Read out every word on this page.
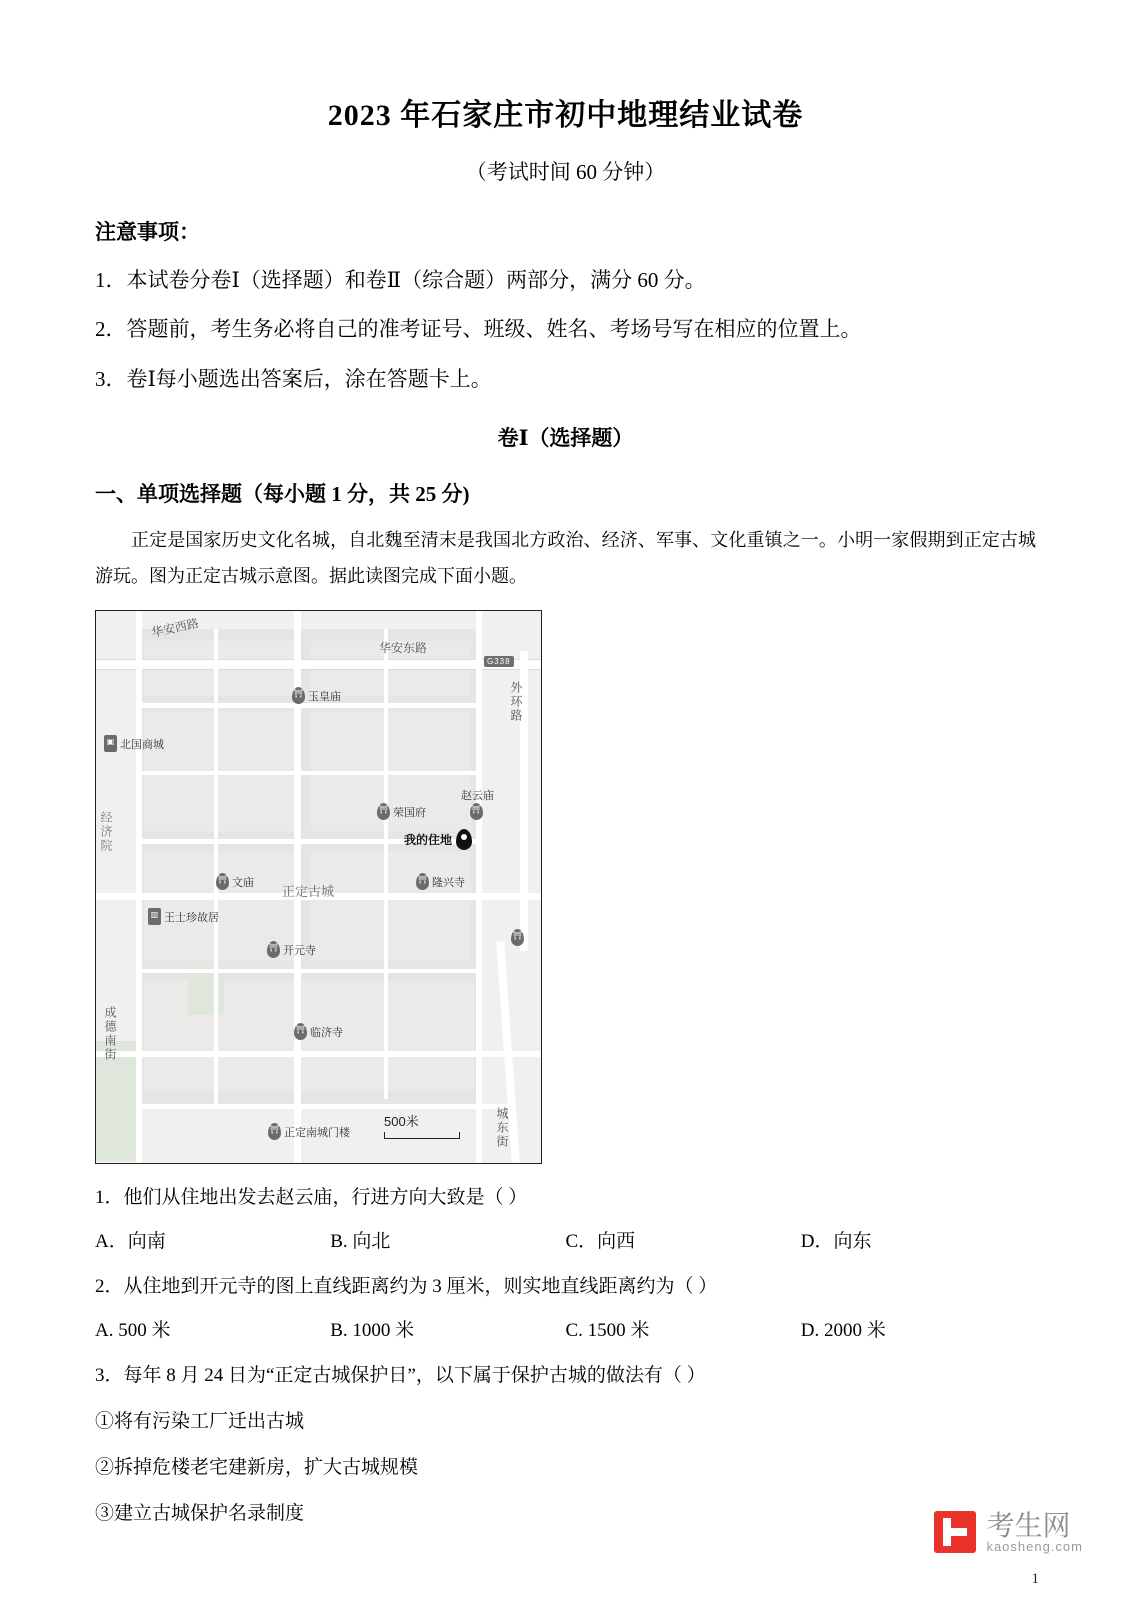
2023 年石家庄市初中地理结业试卷
（考试时间 60 分钟）
注意事项：
1．本试卷分卷Ⅰ（选择题）和卷Ⅱ（综合题）两部分，满分 60 分。
2．答题前，考生务必将自己的准考证号、班级、姓名、考场号写在相应的位置上。
3．卷Ⅰ每小题选出答案后，涂在答题卡上。
卷Ⅰ（选择题）
一、单项选择题（每小题 1 分，共 25 分)
正定是国家历史文化名城，自北魏至清末是我国北方政治、经济、军事、文化重镇之一。小明一家假期到正定古城游玩。图为正定古城示意图。据此读图完成下面小题。
华安西路
华安东路
G338
外环路
成德南街
城东街
经济院
正定古城
⛩ 玉皇庙
▣ 北国商城
⛩ 荣国府
赵云庙
⛩
我的住地
⛩ 文庙	⛩ 隆兴寺
▥ 王士珍故居
⛩ 开元寺
⛩
⛩ 临济寺
⛩ 正定南城门楼
500米
1．他们从住地出发去赵云庙，行进方向大致是（ ）
A．向南	B. 向北	C．向西	D．向东
2．从住地到开元寺的图上直线距离约为 3 厘米，则实地直线距离约为（ ）
A. 500 米	B. 1000 米	C. 1500 米	D. 2000 米
3．每年 8 月 24 日为“正定古城保护日”，以下属于保护古城的做法有（ ）
①将有污染工厂迁出古城
②拆掉危楼老宅建新房，扩大古城规模
③建立古城保护名录制度	考生网
kaosheng.com
1
